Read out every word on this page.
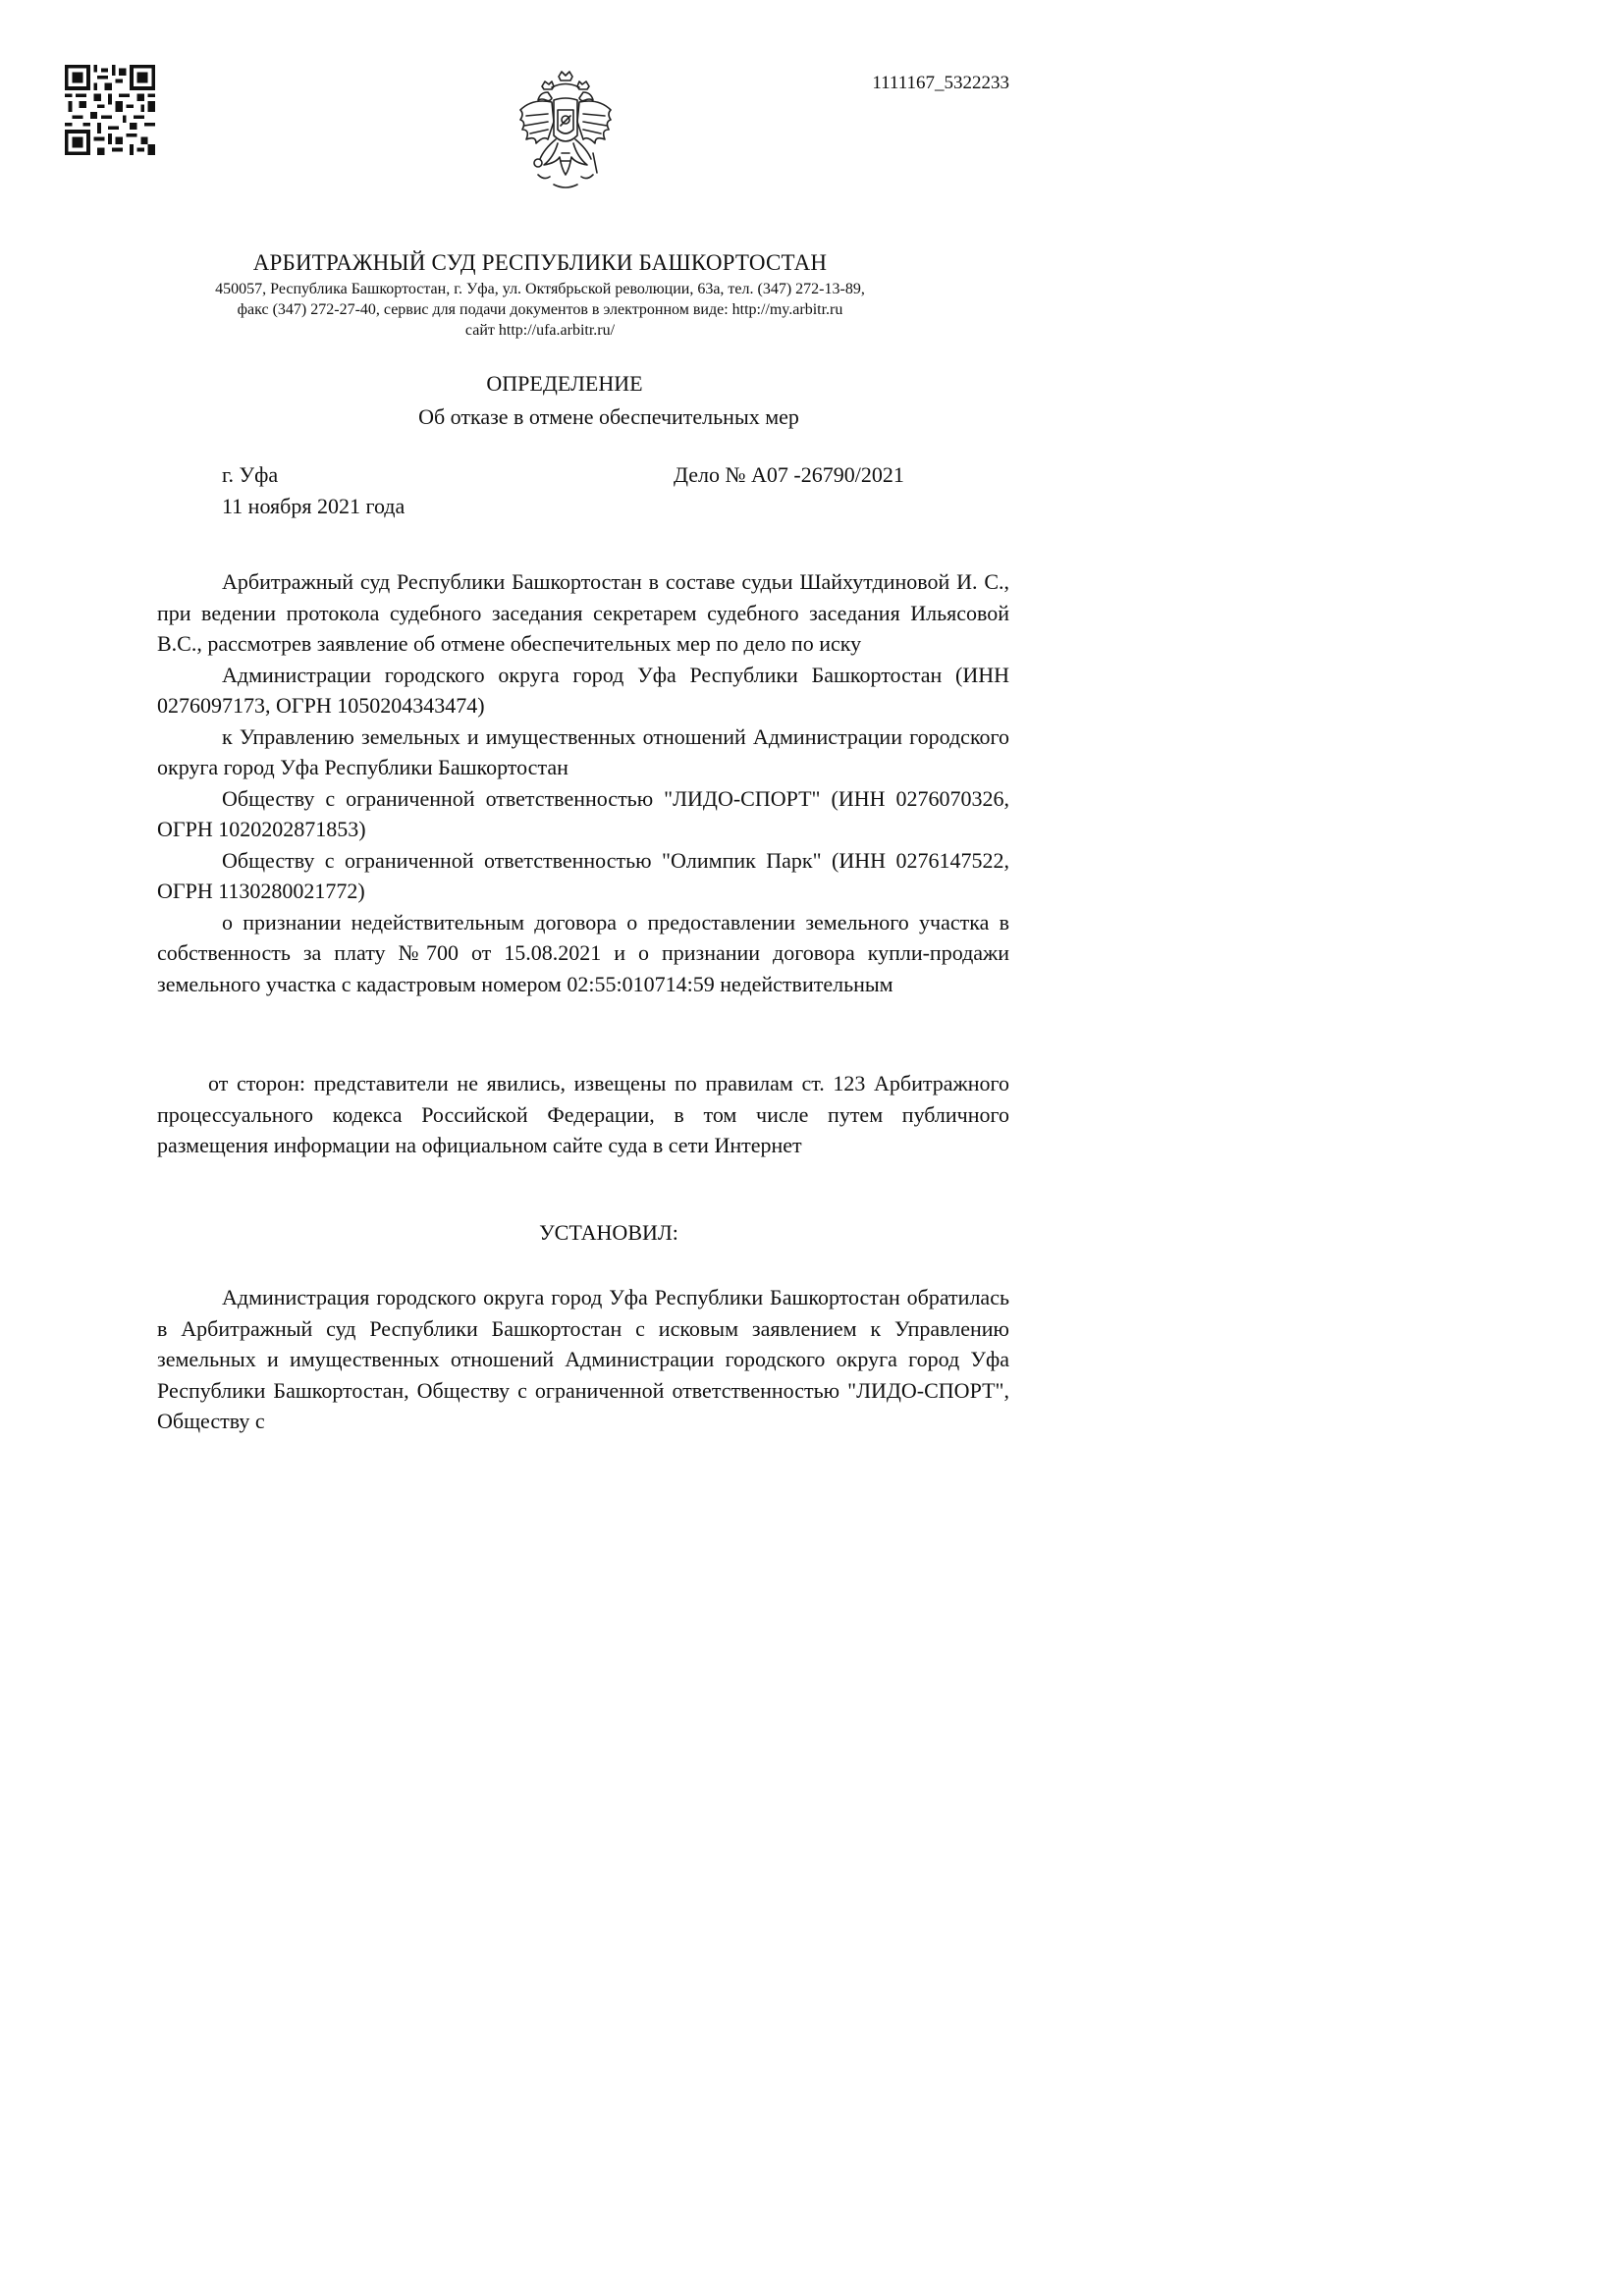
1111167_5322233
АРБИТРАЖНЫЙ СУД РЕСПУБЛИКИ БАШКОРТОСТАН
450057, Республика Башкортостан, г. Уфа, ул. Октябрьской революции, 63а, тел. (347) 272-13-89,
факс (347) 272-27-40, сервис для подачи документов в электронном виде: http://my.arbitr.ru
сайт http://ufa.arbitr.ru/
ОПРЕДЕЛЕНИЕ
Об отказе в отмене обеспечительных мер
г. Уфа
11 ноября 2021 года
Дело № А07 -26790/2021

Арбитражный суд Республики Башкортостан в составе судьи Шайхутдиновой И. С., при ведении протокола судебного заседания секретарем судебного заседания Ильясовой В.С., рассмотрев заявление об отмене обеспечительных мер по дело по иску

Администрации городского округа город Уфа Республики Башкортостан (ИНН 0276097173, ОГРН 1050204343474)

к Управлению земельных и имущественных отношений Администрации городского округа город Уфа Республики Башкортостан

Обществу с ограниченной ответственностью "ЛИДО-СПОРТ" (ИНН 0276070326, ОГРН 1020202871853)

Обществу с ограниченной ответственностью "Олимпик Парк" (ИНН 0276147522, ОГРН 1130280021772)

о признании недействительным договора о предоставлении земельного участка в собственность за плату №700 от 15.08.2021 и о признании договора купли-продажи земельного участка с кадастровым номером 02:55:010714:59 недействительным

от сторон: представители не явились, извещены по правилам ст. 123 Арбитражного процессуального кодекса Российской Федерации, в том числе путем публичного размещения информации на официальном сайте суда в сети Интернет

УСТАНОВИЛ:

Администрация городского округа город Уфа Республики Башкортостан обратилась в Арбитражный суд Республики Башкортостан с исковым заявлением к Управлению земельных и имущественных отношений Администрации городского округа город Уфа Республики Башкортостан, Обществу с ограниченной ответственностью "ЛИДО-СПОРТ", Обществу с
